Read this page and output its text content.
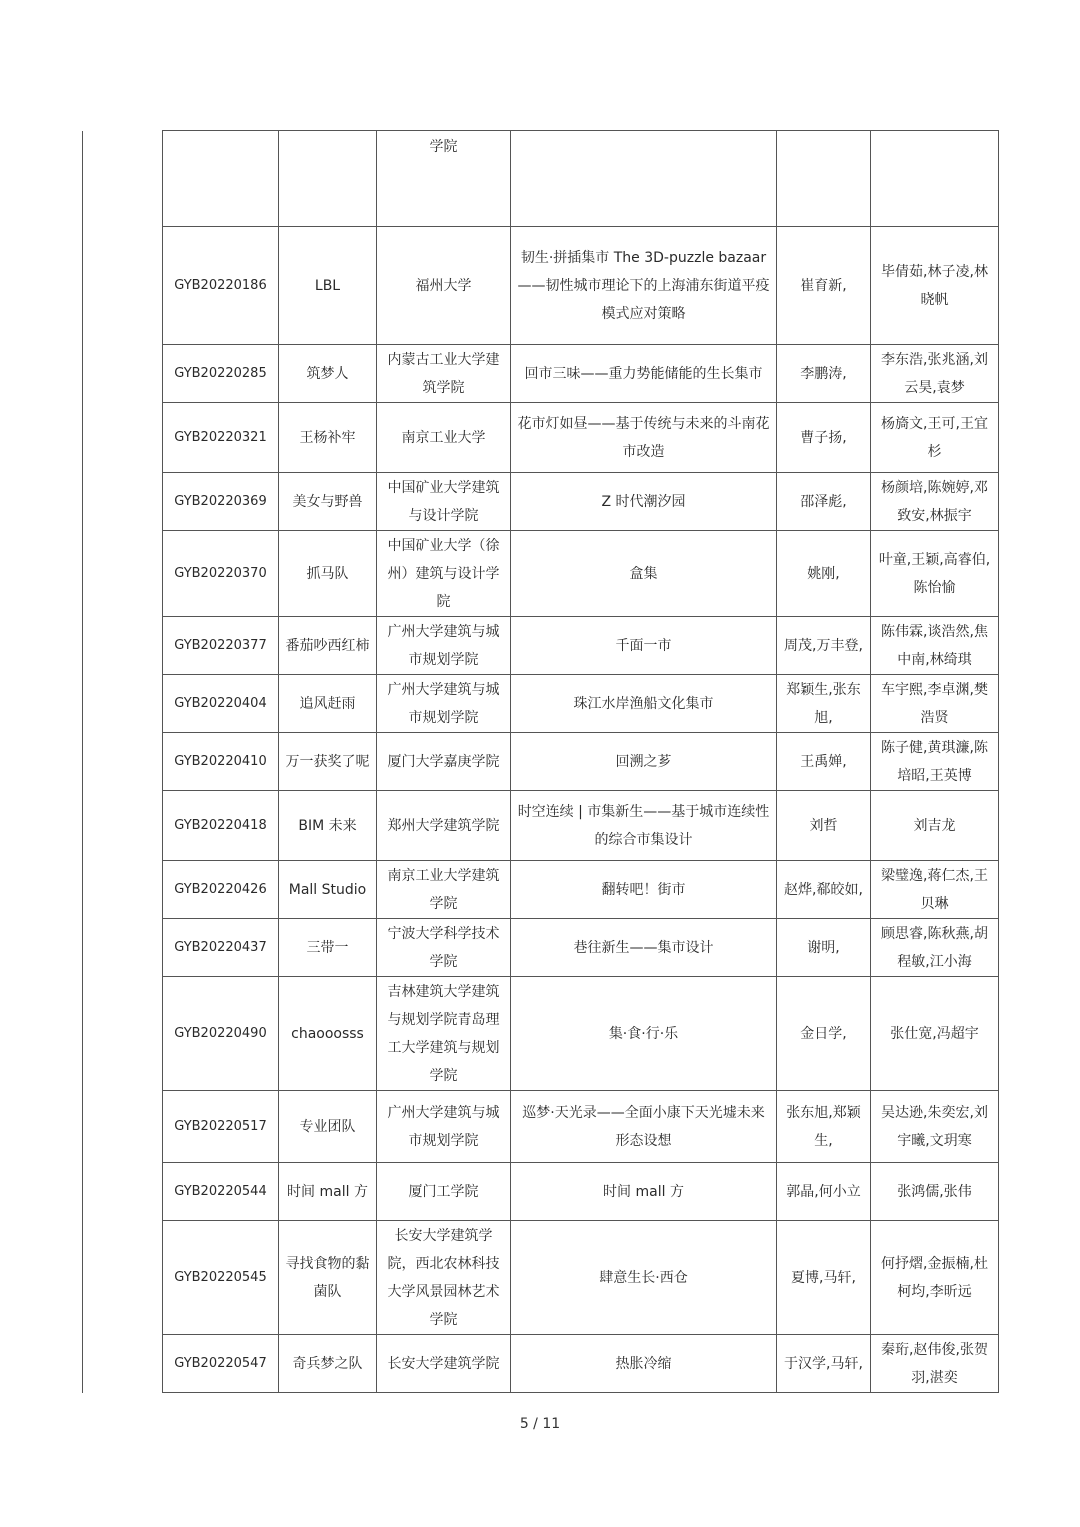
			学院			
	GYB20220186	LBL	福州大学	韧生·拼插集市 The 3D-puzzle bazaar——韧性城市理论下的上海浦东街道平疫模式应对策略	崔育新,	毕倩茹,林子凌,林晓帆
	GYB20220285	筑梦人	内蒙古工业大学建筑学院	回市三味——重力势能储能的生长集市	李鹏涛,	李东浩,张兆涵,刘云昊,袁梦
	GYB20220321	王杨补牢	南京工业大学	花市灯如昼——基于传统与未来的斗南花市改造	曹子扬,	杨旖文,王可,王宜杉
	GYB20220369	美女与野兽	中国矿业大学建筑与设计学院	Z 时代潮汐园	邵泽彪,	杨颜培,陈婉婷,邓致安,林振宇
	GYB20220370	抓马队	中国矿业大学（徐州）建筑与设计学院	盒集	姚刚,	叶童,王颖,高睿伯,陈怡愉
	GYB20220377	番茄吵西红柿	广州大学建筑与城市规划学院	千面一市	周茂,万丰登,	陈伟霖,谈浩然,焦中南,林绮琪
	GYB20220404	追风赶雨	广州大学建筑与城市规划学院	珠江水岸渔船文化集市	郑颖生,张东旭,	车宇熙,李卓渊,樊浩贤
	GYB20220410	万一获奖了呢	厦门大学嘉庚学院	回溯之芗	王禹婵,	陈子健,黄琪濂,陈培昭,王英博
	GYB20220418	BIM 未来	郑州大学建筑学院	时空连续 | 市集新生——基于城市连续性的综合市集设计	刘哲	刘吉龙
	GYB20220426	Mall Studio	南京工业大学建筑学院	翻转吧！街市	赵烨,郗皎如,	梁璧逸,蒋仁杰,王贝琳
	GYB20220437	三带一	宁波大学科学技术学院	巷往新生——集市设计	谢明,	顾思睿,陈秋燕,胡程敏,江小海
	GYB20220490	chaooosss	吉林建筑大学建筑与规划学院青岛理工大学建筑与规划学院	集·食·行·乐	金日学,	张仕宽,冯超宇
	GYB20220517	专业团队	广州大学建筑与城市规划学院	巡梦·天光录——全面小康下天光墟未来形态设想	张东旭,郑颖生,	吴达逊,朱奕宏,刘宇曦,文玥寒
	GYB20220544	时间 mall 方	厦门工学院	时间 mall 方	郭晶,何小立	张鸿儒,张伟
	GYB20220545	寻找食物的黏菌队	长安大学建筑学院，西北农林科技大学风景园林艺术学院	肆意生长·西仓	夏博,马轩,	何抒熠,金振楠,杜柯均,李昕远
	GYB20220547	奇兵梦之队	长安大学建筑学院	热胀冷缩	于汉学,马轩,	秦珩,赵伟俊,张贺羽,湛奕
5 / 11
